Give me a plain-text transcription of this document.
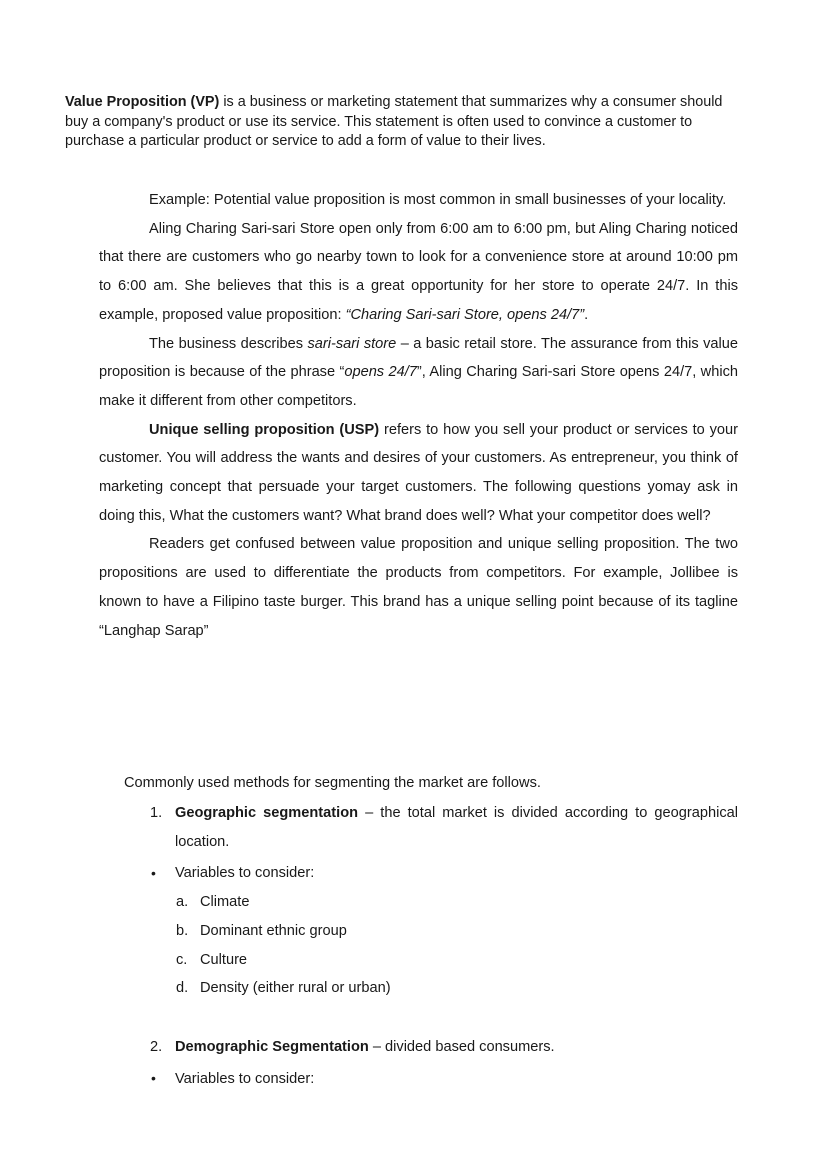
Value Proposition (VP) is a business or marketing statement that summarizes why a consumer should buy a company's product or use its service. This statement is often used to convince a customer to purchase a particular product or service to add a form of value to their lives.

Example: Potential value proposition is most common in small businesses of your locality.

Aling Charing Sari-sari Store open only from 6:00 am to 6:00 pm, but Aling Charing noticed that there are customers who go nearby town to look for a convenience store at around 10:00 pm to 6:00 am. She believes that this is a great opportunity for her store to operate 24/7. In this example, proposed value proposition: “Charing Sari-sari Store, opens 24/7”.

The business describes sari-sari store – a basic retail store. The assurance from this value proposition is because of the phrase “opens 24/7”, Aling Charing Sari-sari Store opens 24/7, which make it different from other competitors.

Unique selling proposition (USP) refers to how you sell your product or services to your customer. You will address the wants and desires of your customers. As entrepreneur, you think of marketing concept that persuade your target customers. The following questions yomay ask in doing this, What the customers want? What brand does well? What your competitor does well?

Readers get confused between value proposition and unique selling proposition. The two propositions are used to differentiate the products from competitors. For example, Jollibee is known to have a Filipino taste burger. This brand has a unique selling point because of its tagline “Langhap Sarap”

Commonly used methods for segmenting the market are follows.

1. Geographic segmentation – the total market is divided according to geographical location.
• Variables to consider:
a. Climate
b. Dominant ethnic group
c. Culture
d. Density (either rural or urban)
2. Demographic Segmentation – divided based consumers.
• Variables to consider:
